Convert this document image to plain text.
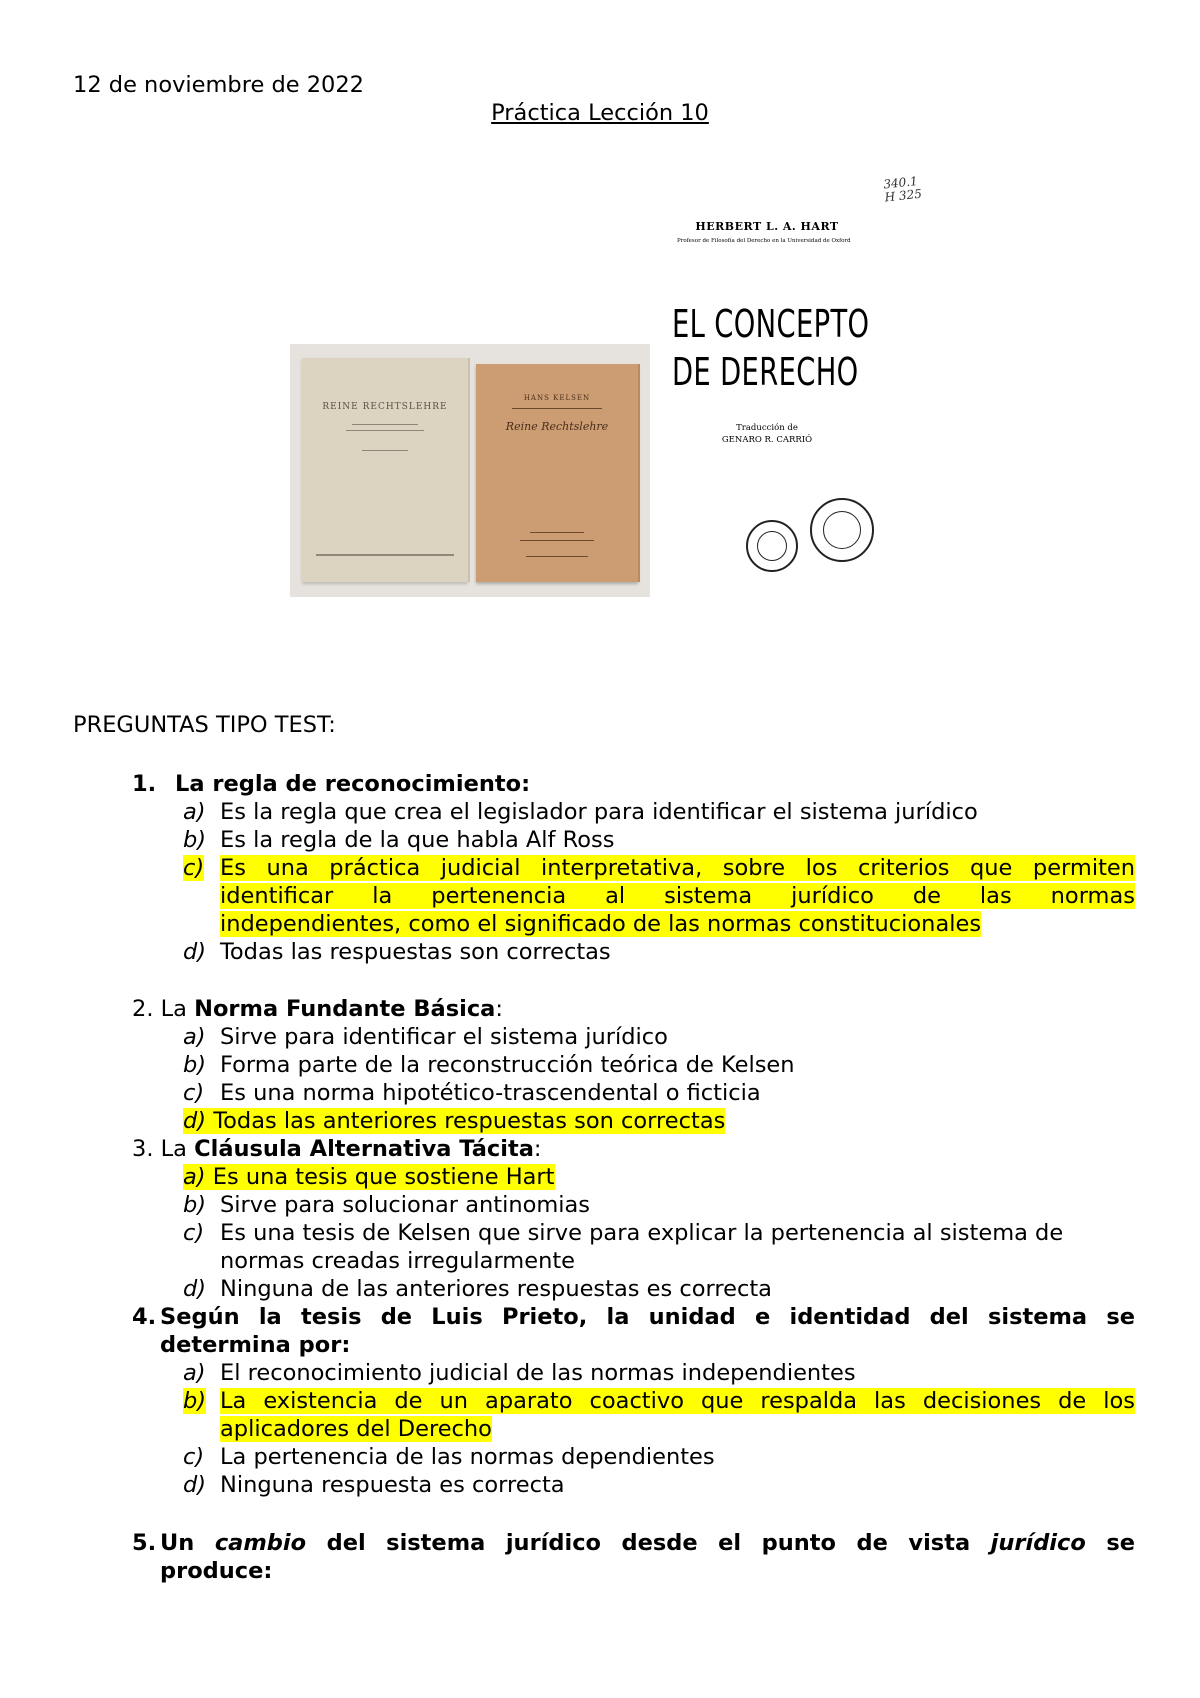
12 de noviembre de 2022
Práctica Lección 10
REINE RECHTSLEHRE
HANS KELSEN
Reine Rechtslehre
340.1
H 325
HERBERT L. A. HART
Profesor de Filosofía del Derecho en la Universidad de Oxford
EL CONCEPTO
DE DERECHO
Traducción de
GENARO R. CARRIÓ
PREGUNTAS TIPO TEST:
1. La regla de reconocimiento:
a) Es la regla que crea el legislador para identificar el sistema jurídico
b) Es la regla de la que habla Alf Ross
c) Es una práctica judicial interpretativa, sobre los criterios que permiten
identificar la pertenencia al sistema jurídico de las normas
independientes, como el significado de las normas constitucionales
d) Todas las respuestas son correctas
2. La Norma Fundante Básica:
a) Sirve para identificar el sistema jurídico
b) Forma parte de la reconstrucción teórica de Kelsen
c) Es una norma hipotético-trascendental o ficticia
d) Todas las anteriores respuestas son correctas
3. La Cláusula Alternativa Tácita:
a) Es una tesis que sostiene Hart
b) Sirve para solucionar antinomias
c) Es una tesis de Kelsen que sirve para explicar la pertenencia al sistema de
normas creadas irregularmente
d) Ninguna de las anteriores respuestas es correcta
4. Según la tesis de Luis Prieto, la unidad e identidad del sistema se
determina por:
a) El reconocimiento judicial de las normas independientes
b) La existencia de un aparato coactivo que respalda las decisiones de los
aplicadores del Derecho
c) La pertenencia de las normas dependientes
d) Ninguna respuesta es correcta
5. Un cambio del sistema jurídico desde el punto de vista jurídico se
produce:
